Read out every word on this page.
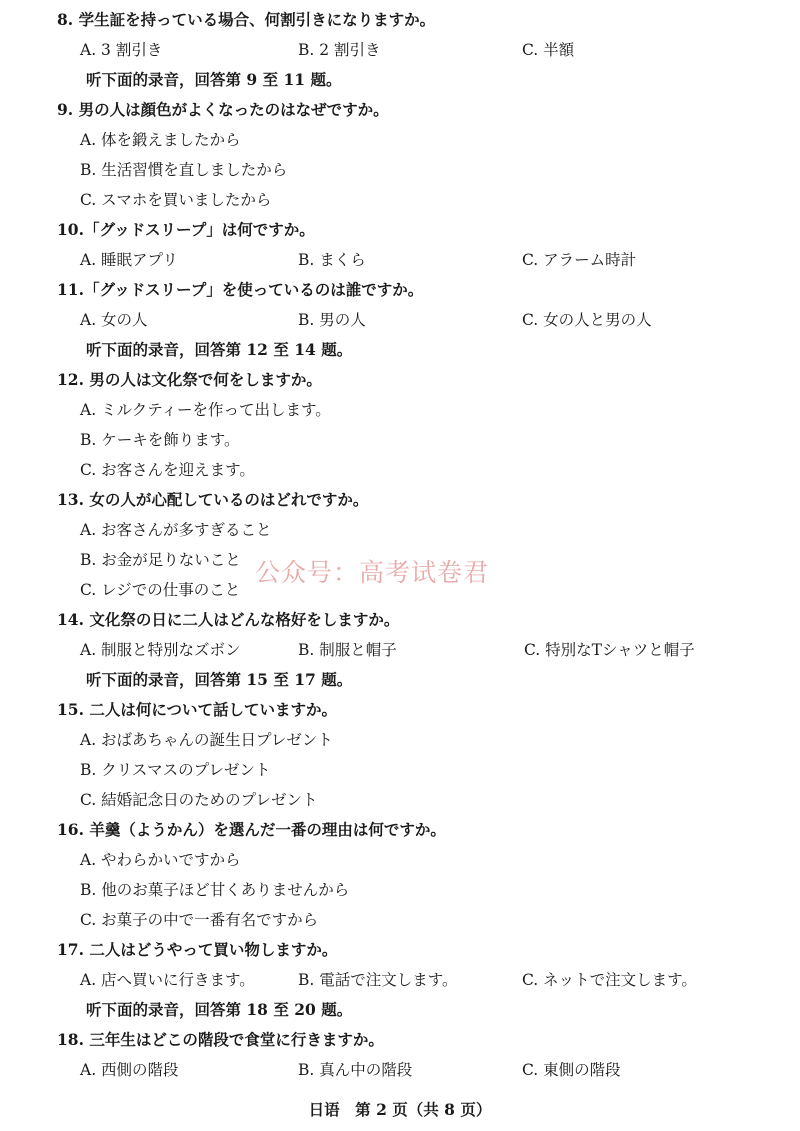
8. 学生証を持っている場合、何割引きになりますか。
A. 3 割引き	B. 2 割引き	C. 半額
听下面的录音，回答第 9 至 11 题。
9. 男の人は顔色がよくなったのはなぜですか。
A. 体を鍛えましたから
B. 生活習慣を直しましたから
C. スマホを買いましたから
10.「グッドスリープ」は何ですか。
A. 睡眠アプリ	B. まくら	C. アラーム時計
11.「グッドスリープ」を使っているのは誰ですか。
A. 女の人	B. 男の人	C. 女の人と男の人
听下面的录音，回答第 12 至 14 题。
12. 男の人は文化祭で何をしますか。
A. ミルクティーを作って出します。
B. ケーキを飾ります。
C. お客さんを迎えます。
13. 女の人が心配しているのはどれですか。
A. お客さんが多すぎること
B. お金が足りないこと
C. レジでの仕事のこと
14. 文化祭の日に二人はどんな格好をしますか。
A. 制服と特別なズボン	B. 制服と帽子	C. 特別なTシャツと帽子
听下面的录音，回答第 15 至 17 题。
15. 二人は何について話していますか。
A. おばあちゃんの誕生日プレゼント
B. クリスマスのプレゼント
C. 結婚記念日のためのプレゼント
16. 羊羹（ようかん）を選んだ一番の理由は何ですか。
A. やわらかいですから
B. 他のお菓子ほど甘くありませんから
C. お菓子の中で一番有名ですから
17. 二人はどうやって買い物しますか。
A. 店へ買いに行きます。	B. 電話で注文します。	C. ネットで注文します。
听下面的录音，回答第 18 至 20 题。
18. 三年生はどこの階段で食堂に行きますか。
A. 西側の階段	B. 真ん中の階段	C. 東側の階段
公众号：高考试卷君
日语　第 2 页（共 8 页）
